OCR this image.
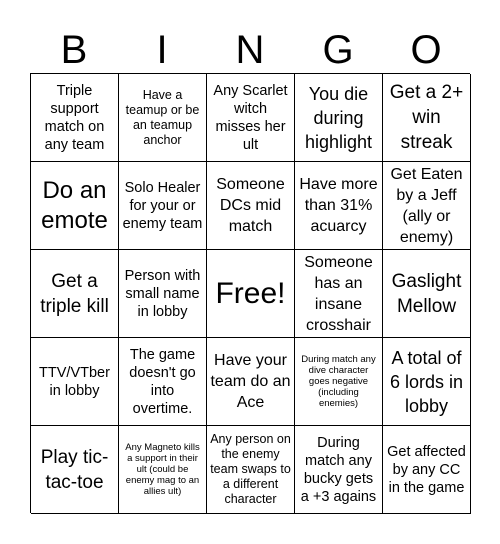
B	I	N	G	O
Triple support match on any team
Have a teamup or be an teamup anchor
Any Scarlet witch misses her ult
You die during highlight
Get a 2+ win streak
Do an emote
Solo Healer for your or enemy team
Someone DCs mid match
Have more than 31% acuarcy
Get Eaten by a Jeff (ally or enemy)
Get a triple kill
Person with small name in lobby
Free!
Someone has an insane crosshair
Gaslight Mellow
TTV/VTber in lobby
The game doesn't go into overtime.
Have your team do an Ace
During match any dive character goes negative (including enemies)
A total of 6 lords in lobby
Play tic-tac-toe
Any Magneto kills a support in their ult (could be enemy mag to an allies ult)
Any person on the enemy team swaps to a different character
During match any bucky gets a +3 agains
Get affected by any CC in the game
